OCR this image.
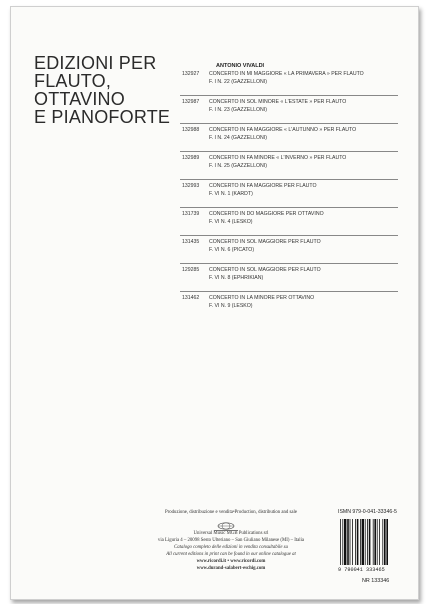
EDIZIONI PER
FLAUTO,
OTTAVINO
E PIANOFORTE
ANTONIO VIVALDI
132927 CONCERTO IN MI MAGGIORE « LA PRIMAVERA » PER FLAUTO
F. I N. 22 (GAZZELLONI)
132987 CONCERTO IN SOL MINORE « L'ESTATE » PER FLAUTO
F. I N. 23 (GAZZELLONI)
132988 CONCERTO IN FA MAGGIORE « L'AUTUNNO » PER FLAUTO
F. I N. 24 (GAZZELLONI)
132989 CONCERTO IN FA MINORE « L'INVERNO » PER FLAUTO
F. I N. 25 (GAZZELLONI)
132993 CONCERTO IN FA MAGGIORE PER FLAUTO
F. VI N. 1 (KARDT)
131739 CONCERTO IN DO MAGGIORE PER OTTAVINO
F. VI N. 4 (LESKO)
131435 CONCERTO IN SOL MAGGIORE PER FLAUTO
F. VI N. 6 (PICATO)
129285 CONCERTO IN SOL MAGGIORE PER FLAUTO
F. VI N. 8 (EPHRIKIAN)
131462 CONCERTO IN LA MINORE PER OTTAVINO
F. VI N. 9 (LESKO)
Produzione, distribuzione e vendita•Production, distribution and sale
Universal Music MGB Publications srl
via Liguria 4 – 20098 Sesto Ulteriano – San Giuliano Milanese (MI) – Italia
Catalogo completo delle edizioni in vendita consultabile su
All current editions in print can be found in our online catalogue at
www.ricordi.it • www.ricordi.com
www.durand-salabert-eschig.com
ISMN 979-0-041-33346-5
9 790041 333465
NR 133346
